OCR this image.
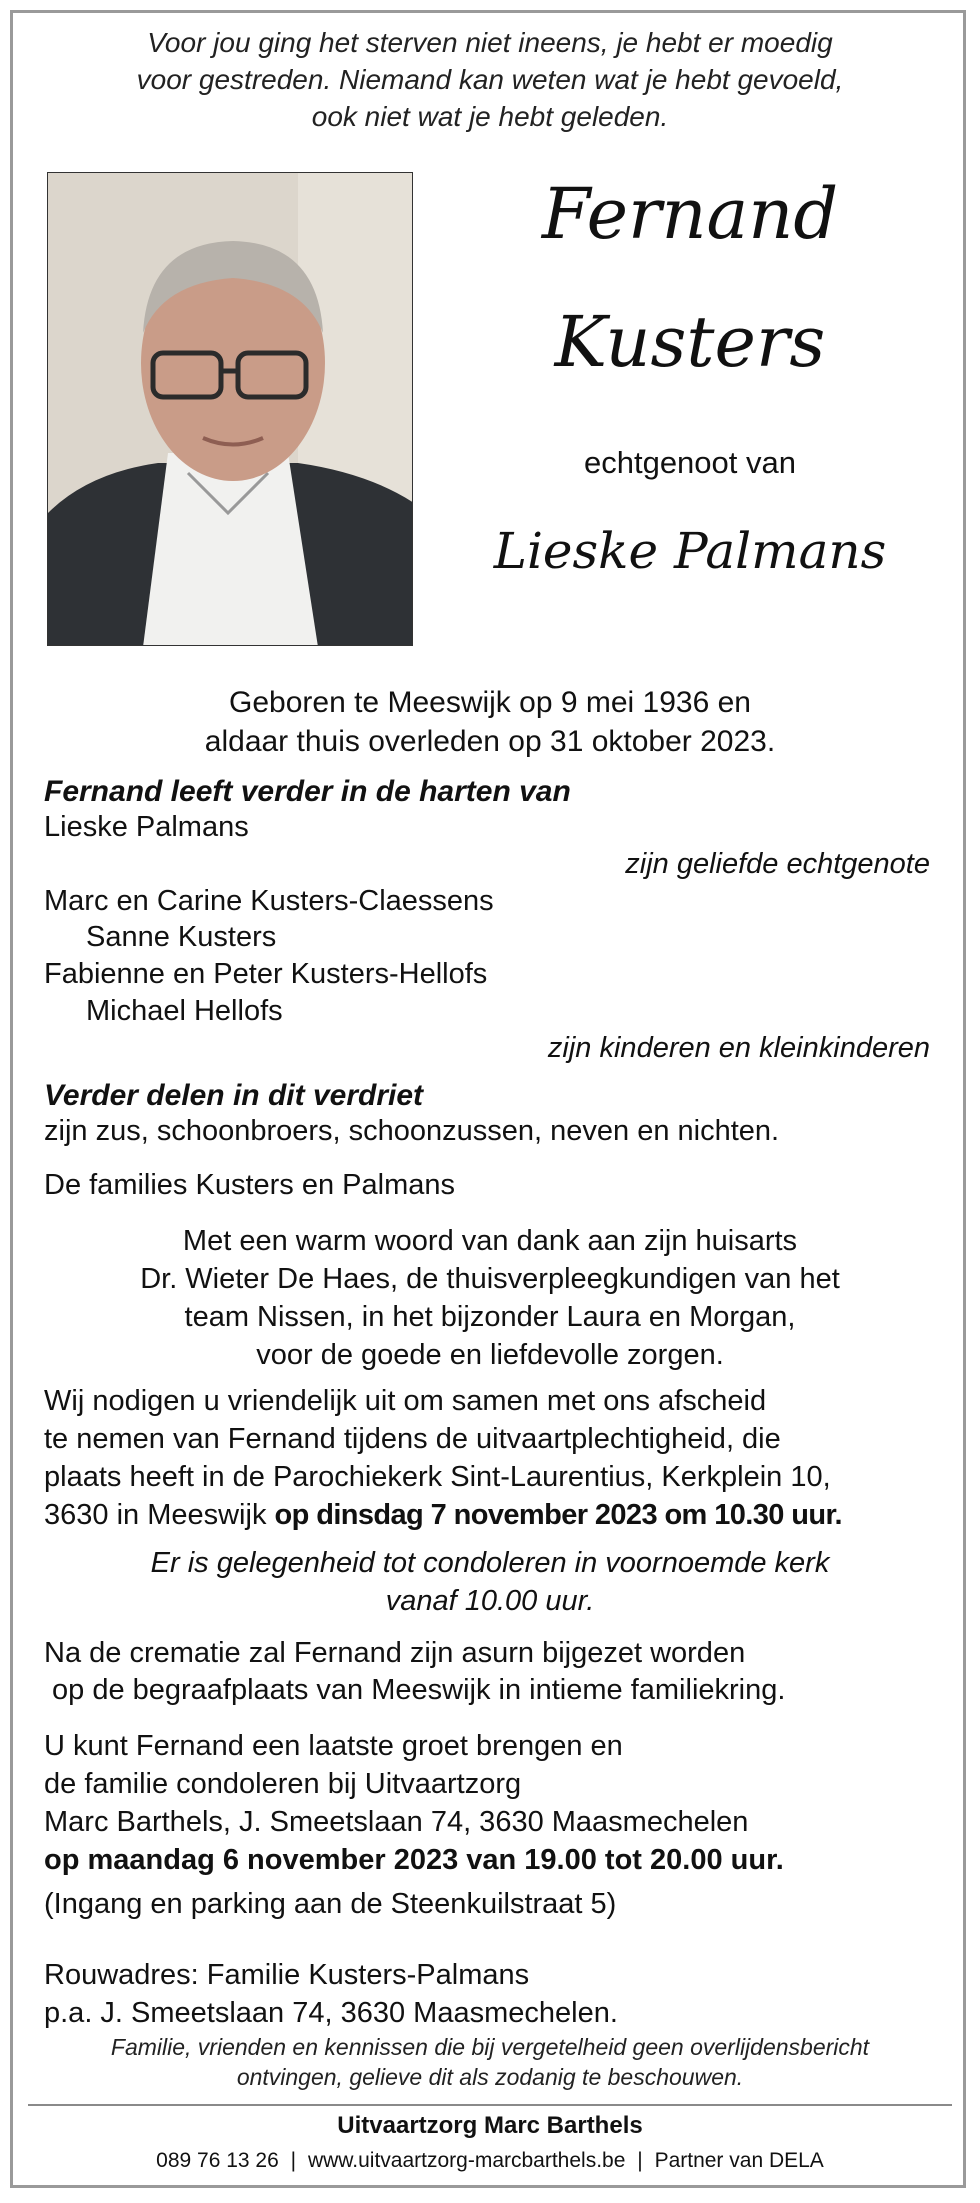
Voor jou ging het sterven niet ineens, je hebt er moedig
voor gestreden. Niemand kan weten wat je hebt gevoeld,
ook niet wat je hebt geleden.
Fernand
Kusters
echtgenoot van
Lieske Palmans
Geboren te Meeswijk op 9 mei 1936 en
aldaar thuis overleden op 31 oktober 2023.
Fernand leeft verder in de harten van
Lieske Palmans
zijn geliefde echtgenote
Marc en Carine Kusters-Claessens
Sanne Kusters
Fabienne en Peter Kusters-Hellofs
Michael Hellofs
zijn kinderen en kleinkinderen
Verder delen in dit verdriet
zijn zus, schoonbroers, schoonzussen, neven en nichten.
De families Kusters en Palmans
Met een warm woord van dank aan zijn huisarts
Dr. Wieter De Haes, de thuisverpleegkundigen van het
team Nissen, in het bijzonder Laura en Morgan,
voor de goede en liefdevolle zorgen.
Wij nodigen u vriendelijk uit om samen met ons afscheid
te nemen van Fernand tijdens de uitvaartplechtigheid, die
plaats heeft in de Parochiekerk Sint-Laurentius, Kerkplein 10,
3630 in Meeswijk op dinsdag 7 november 2023 om 10.30 uur.
Er is gelegenheid tot condoleren in voornoemde kerk
vanaf 10.00 uur.
Na de crematie zal Fernand zijn asurn bijgezet worden
op de begraafplaats van Meeswijk in intieme familiekring.
U kunt Fernand een laatste groet brengen en
de familie condoleren bij Uitvaartzorg
Marc Barthels, J. Smeetslaan 74, 3630 Maasmechelen
op maandag 6 november 2023 van 19.00 tot 20.00 uur.
(Ingang en parking aan de Steenkuilstraat 5)
Rouwadres: Familie Kusters-Palmans
p.a. J. Smeetslaan 74, 3630 Maasmechelen.
Familie, vrienden en kennissen die bij vergetelheid geen overlijdensbericht
ontvingen, gelieve dit als zodanig te beschouwen.
Uitvaartzorg Marc Barthels
089 76 13 26 | www.uitvaartzorg-marcbarthels.be | Partner van DELA
